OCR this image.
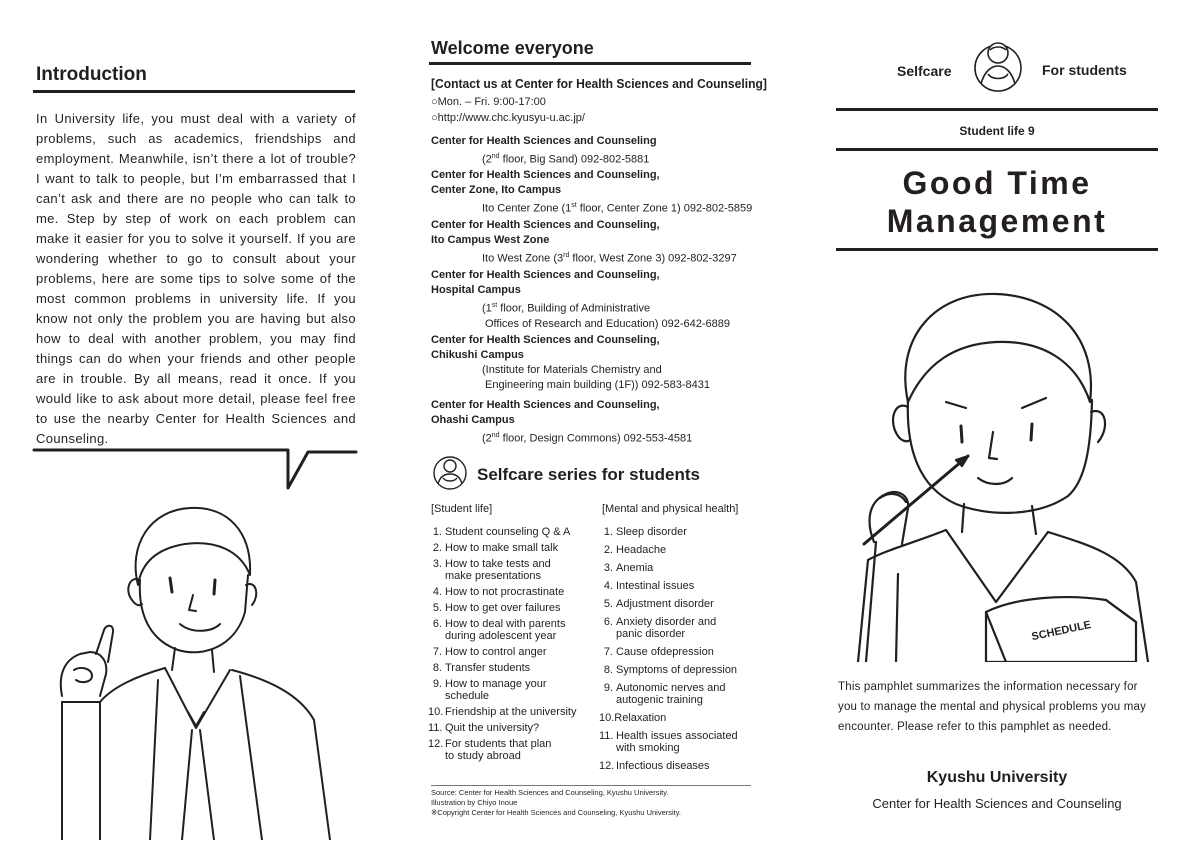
Introduction
In University life, you must deal with a variety of problems, such as academics, friendships and employment. Meanwhile, isn’t there a lot of trouble? I want to talk to people, but I’m embarrassed that I can’t ask and there are no people who can talk to me. Step by step of work on each problem can make it easier for you to solve it yourself. If you are wondering whether to go to consult about your problems, here are some tips to solve some of the most common problems in university life. If you know not only the problem you are having but also how to deal with another problem, you may find things can do when your friends and other people are in trouble. By all means, read it once. If you would like to ask about more detail, please feel free to use the nearby Center for Health Sciences and Counseling.
Welcome everyone
[Contact us at Center for Health Sciences and Counseling]
○Mon. – Fri. 9:00-17:00
○http://www.chc.kyusyu-u.ac.jp/
Center for Health Sciences and Counseling
(2nd floor, Big Sand) 092-802-5881
Center for Health Sciences and Counseling,
Center Zone, Ito Campus
Ito Center Zone (1st floor, Center Zone 1) 092-802-5859
Center for Health Sciences and Counseling,
Ito Campus West Zone
Ito West Zone (3rd floor, West Zone 3) 092-802-3297
Center for Health Sciences and Counseling,
Hospital Campus
(1st floor, Building of Administrative
Offices of Research and Education) 092-642-6889
Center for Health Sciences and Counseling,
Chikushi Campus
(Institute for Materials Chemistry and
Engineering main building (1F)) 092-583-8431
Center for Health Sciences and Counseling,
Ohashi Campus
(2nd floor, Design Commons) 092-553-4581
Selfcare series for students
[Student life]	[Mental and physical health]
1. Student counseling Q & A
2. How to make small talk
3. How to take tests and
make presentations
4. How to not procrastinate
5. How to get over failures
6. How to deal with parents
during adolescent year
7. How to control anger
8. Transfer students
9. How to manage your
schedule
10. Friendship at the university
11. Quit the university?
12. For students that plan
to study abroad
1. Sleep disorder
2. Headache
3. Anemia
4. Intestinal issues
5. Adjustment disorder
6. Anxiety disorder and
panic disorder
7. Cause ofdepression
8. Symptoms of depression
9. Autonomic nerves and
autogenic training
10.Relaxation
11. Health issues associated
with smoking
12. Infectious diseases
Source: Center for Health Sciences and Counseling, Kyushu University.
Illustration by Chiyo Inoue
※Copyright Center for Health Sciences and Counseling, Kyushu University.
Selfcare	For students
Student life 9
Good Time
Management
SCHEDULE
This pamphlet summarizes the information necessary for you to manage the mental and physical problems you may encounter. Please refer to this pamphlet as needed.
Kyushu University
Center for Health Sciences and Counseling
